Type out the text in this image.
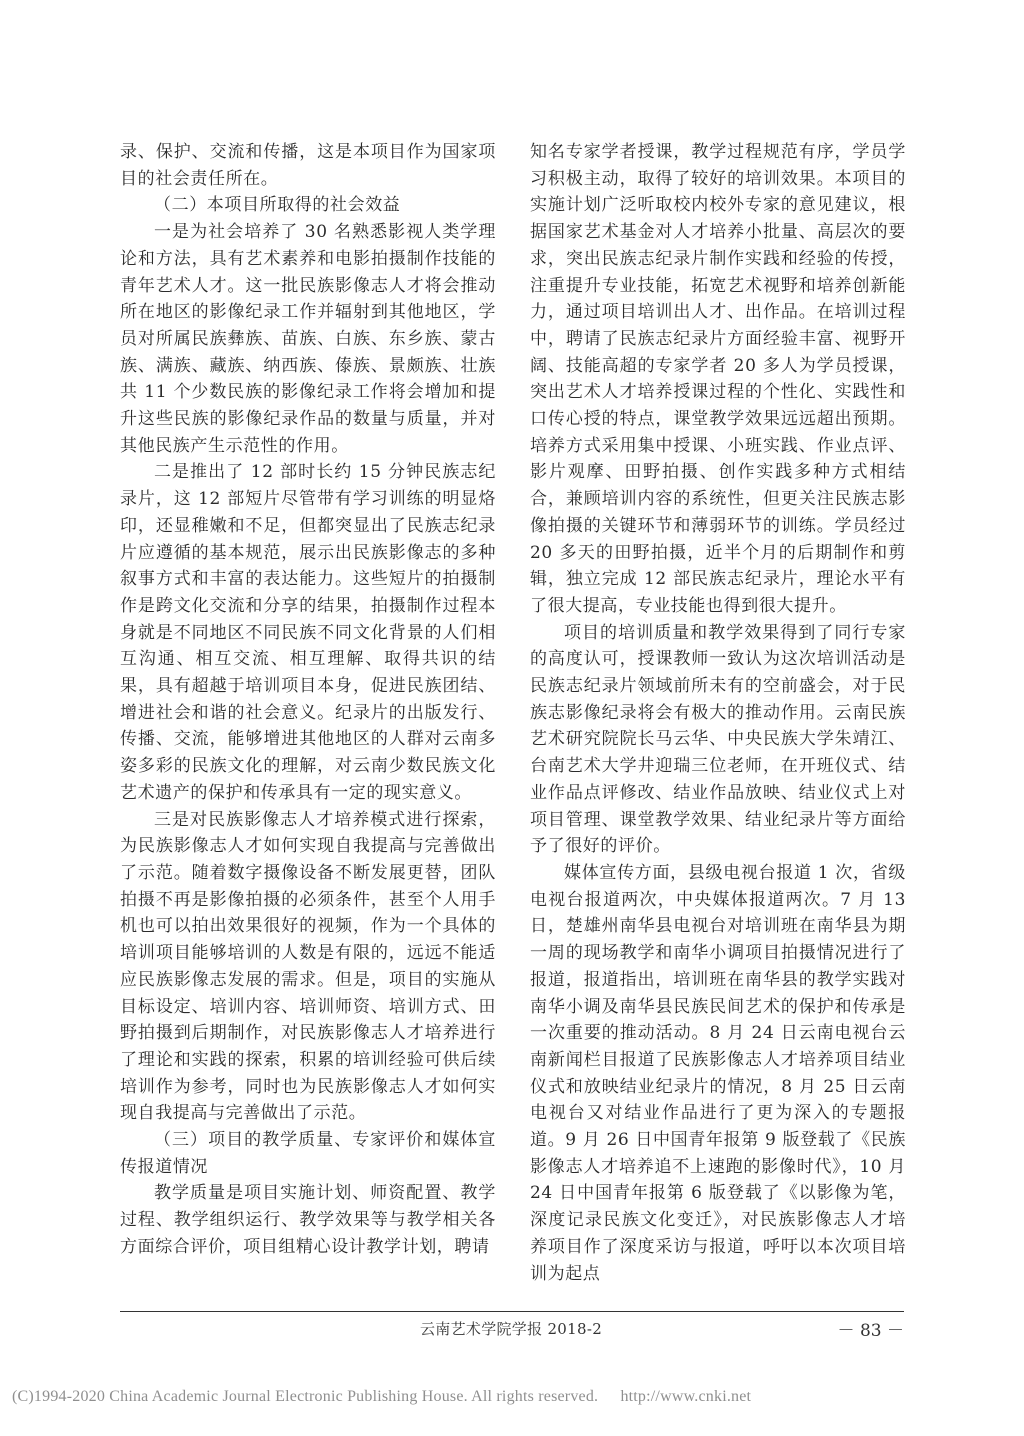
录、保护、交流和传播，这是本项目作为国家项目的社会责任所在。

（二）本项目所取得的社会效益

一是为社会培养了 30 名熟悉影视人类学理论和方法，具有艺术素养和电影拍摄制作技能的青年艺术人才。这一批民族影像志人才将会推动所在地区的影像纪录工作并辐射到其他地区，学员对所属民族彝族、苗族、白族、东乡族、蒙古族、满族、藏族、纳西族、傣族、景颇族、壮族共 11 个少数民族的影像纪录工作将会增加和提升这些民族的影像纪录作品的数量与质量，并对其他民族产生示范性的作用。

二是推出了 12 部时长约 15 分钟民族志纪录片，这 12 部短片尽管带有学习训练的明显烙印，还显稚嫩和不足，但都突显出了民族志纪录片应遵循的基本规范，展示出民族影像志的多种叙事方式和丰富的表达能力。这些短片的拍摄制作是跨文化交流和分享的结果，拍摄制作过程本身就是不同地区不同民族不同文化背景的人们相互沟通、相互交流、相互理解、取得共识的结果，具有超越于培训项目本身，促进民族团结、增进社会和谐的社会意义。纪录片的出版发行、传播、交流，能够增进其他地区的人群对云南多姿多彩的民族文化的理解，对云南少数民族文化艺术遗产的保护和传承具有一定的现实意义。

三是对民族影像志人才培养模式进行探索，为民族影像志人才如何实现自我提高与完善做出了示范。随着数字摄像设备不断发展更替，团队拍摄不再是影像拍摄的必须条件，甚至个人用手机也可以拍出效果很好的视频，作为一个具体的培训项目能够培训的人数是有限的，远远不能适应民族影像志发展的需求。但是，项目的实施从目标设定、培训内容、培训师资、培训方式、田野拍摄到后期制作，对民族影像志人才培养进行了理论和实践的探索，积累的培训经验可供后续培训作为参考，同时也为民族影像志人才如何实现自我提高与完善做出了示范。

（三）项目的教学质量、专家评价和媒体宣传报道情况

教学质量是项目实施计划、师资配置、教学过程、教学组织运行、教学效果等与教学相关各方面综合评价，项目组精心设计教学计划，聘请

知名专家学者授课，教学过程规范有序，学员学习积极主动，取得了较好的培训效果。本项目的实施计划广泛听取校内校外专家的意见建议，根据国家艺术基金对人才培养小批量、高层次的要求，突出民族志纪录片制作实践和经验的传授，注重提升专业技能，拓宽艺术视野和培养创新能力，通过项目培训出人才、出作品。在培训过程中，聘请了民族志纪录片方面经验丰富、视野开阔、技能高超的专家学者 20 多人为学员授课，突出艺术人才培养授课过程的个性化、实践性和口传心授的特点，课堂教学效果远远超出预期。培养方式采用集中授课、小班实践、作业点评、影片观摩、田野拍摄、创作实践多种方式相结合，兼顾培训内容的系统性，但更关注民族志影像拍摄的关键环节和薄弱环节的训练。学员经过 20 多天的田野拍摄，近半个月的后期制作和剪辑，独立完成 12 部民族志纪录片，理论水平有了很大提高，专业技能也得到很大提升。

项目的培训质量和教学效果得到了同行专家的高度认可，授课教师一致认为这次培训活动是民族志纪录片领域前所未有的空前盛会，对于民族志影像纪录将会有极大的推动作用。云南民族艺术研究院院长马云华、中央民族大学朱靖江、台南艺术大学井迎瑞三位老师，在开班仪式、结业作品点评修改、结业作品放映、结业仪式上对项目管理、课堂教学效果、结业纪录片等方面给予了很好的评价。

媒体宣传方面，县级电视台报道 1 次，省级电视台报道两次，中央媒体报道两次。7 月 13 日，楚雄州南华县电视台对培训班在南华县为期一周的现场教学和南华小调项目拍摄情况进行了报道，报道指出，培训班在南华县的教学实践对南华小调及南华县民族民间艺术的保护和传承是一次重要的推动活动。8 月 24 日云南电视台云南新闻栏目报道了民族影像志人才培养项目结业仪式和放映结业纪录片的情况，8 月 25 日云南电视台又对结业作品进行了更为深入的专题报道。9 月 26 日中国青年报第 9 版登载了《民族影像志人才培养追不上速跑的影像时代》，10 月 24 日中国青年报第 6 版登载了《以影像为笔，深度记录民族文化变迁》，对民族影像志人才培养项目作了深度采访与报道，呼吁以本次项目培训为起点

云南艺术学院学报 2018-2	－ 83 －
(C)1994-2020 China Academic Journal Electronic Publishing House. All rights reserved. http://www.cnki.net
